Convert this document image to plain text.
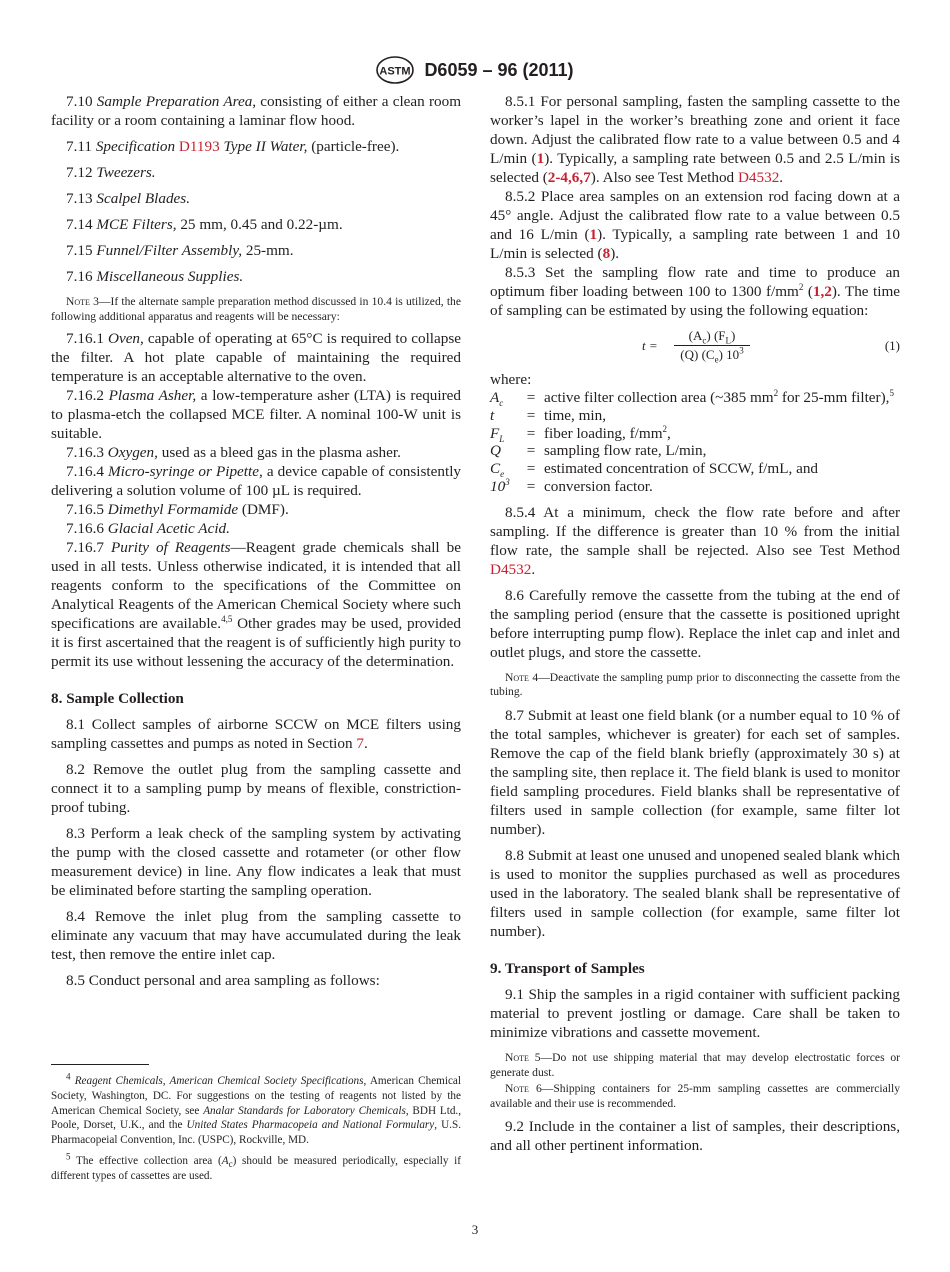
ASTM D6059 – 96 (2011)

7.10 Sample Preparation Area, consisting of either a clean room facility or a room containing a laminar flow hood.

7.11 Specification D1193 Type II Water, (particle-free).

7.12 Tweezers.

7.13 Scalpel Blades.

7.14 MCE Filters, 25 mm, 0.45 and 0.22-µm.

7.15 Funnel/Filter Assembly, 25-mm.

7.16 Miscellaneous Supplies.

Note 3—If the alternate sample preparation method discussed in 10.4 is utilized, the following additional apparatus and reagents will be necessary:

7.16.1 Oven, capable of operating at 65°C is required to collapse the filter. A hot plate capable of maintaining the required temperature is an acceptable alternative to the oven.

7.16.2 Plasma Asher, a low-temperature asher (LTA) is required to plasma-etch the collapsed MCE filter. A nominal 100-W unit is suitable.

7.16.3 Oxygen, used as a bleed gas in the plasma asher.

7.16.4 Micro-syringe or Pipette, a device capable of consistently delivering a solution volume of 100 µL is required.

7.16.5 Dimethyl Formamide (DMF).

7.16.6 Glacial Acetic Acid.

7.16.7 Purity of Reagents—Reagent grade chemicals shall be used in all tests. Unless otherwise indicated, it is intended that all reagents conform to the specifications of the Committee on Analytical Reagents of the American Chemical Society where such specifications are available.$^{4,5}$ Other grades may be used, provided it is first ascertained that the reagent is of sufficiently high purity to permit its use without lessening the accuracy of the determination.

8. Sample Collection

8.1 Collect samples of airborne SCCW on MCE filters using sampling cassettes and pumps as noted in Section 7.

8.2 Remove the outlet plug from the sampling cassette and connect it to a sampling pump by means of flexible, constriction-proof tubing.

8.3 Perform a leak check of the sampling system by activating the pump with the closed cassette and rotameter (or other flow measurement device) in line. Any flow indicates a leak that must be eliminated before starting the sampling operation.

8.4 Remove the inlet plug from the sampling cassette to eliminate any vacuum that may have accumulated during the leak test, then remove the entire inlet cap.

8.5 Conduct personal and area sampling as follows:

$^4$ Reagent Chemicals, American Chemical Society Specifications, American Chemical Society, Washington, DC. For suggestions on the testing of reagents not listed by the American Chemical Society, see Analar Standards for Laboratory Chemicals, BDH Ltd., Poole, Dorset, U.K., and the United States Pharmacopeia and National Formulary, U.S. Pharmacopeial Convention, Inc. (USPC), Rockville, MD.

$^5$ The effective collection area $(A_c)$ should be measured periodically, especially if different types of cassettes are used.

8.5.1 For personal sampling, fasten the sampling cassette to the worker’s lapel in the worker’s breathing zone and orient it face down. Adjust the calibrated flow rate to a value between 0.5 and 4 L/min (1). Typically, a sampling rate between 0.5 and 2.5 L/min is selected (2-4,6,7). Also see Test Method D4532.

8.5.2 Place area samples on an extension rod facing down at a 45° angle. Adjust the calibrated flow rate to a value between 0.5 and 16 L/min (1). Typically, a sampling rate between 1 and 10 L/min is selected (8).

8.5.3 Set the sampling flow rate and time to produce an optimum fiber loading between 100 to 1300 $f/mm^2$ (1,2). The time of sampling can be estimated by using the following equation:

$t = \frac{(A_c) (F_L)}{(Q) (C_e) 10^3}$	(1)

where:

$A_c$	=	active filter collection area (~385 $mm^2$ for 25-mm filter),$^5$
t	=	time, min,
$F_L$	=	fiber loading, $f/mm^2$,
Q	=	sampling flow rate, L/min,
$C_e$	=	estimated concentration of SCCW, f/mL, and
$10^3$	=	conversion factor.

8.5.4 At a minimum, check the flow rate before and after sampling. If the difference is greater than 10 % from the initial flow rate, the sample shall be rejected. Also see Test Method D4532.

8.6 Carefully remove the cassette from the tubing at the end of the sampling period (ensure that the cassette is positioned upright before interrupting pump flow). Replace the inlet cap and inlet and outlet plugs, and store the cassette.

Note 4—Deactivate the sampling pump prior to disconnecting the cassette from the tubing.

8.7 Submit at least one field blank (or a number equal to 10 % of the total samples, whichever is greater) for each set of samples. Remove the cap of the field blank briefly (approximately 30 s) at the sampling site, then replace it. The field blank is used to monitor field sampling procedures. Field blanks shall be representative of filters used in sample collection (for example, same filter lot number).

8.8 Submit at least one unused and unopened sealed blank which is used to monitor the supplies purchased as well as procedures used in the laboratory. The sealed blank shall be representative of filters used in sample collection (for example, same filter lot number).

9. Transport of Samples

9.1 Ship the samples in a rigid container with sufficient packing material to prevent jostling or damage. Care shall be taken to minimize vibrations and cassette movement.

Note 5—Do not use shipping material that may develop electrostatic forces or generate dust.

Note 6—Shipping containers for 25-mm sampling cassettes are commercially available and their use is recommended.

9.2 Include in the container a list of samples, their descriptions, and all other pertinent information.

3
